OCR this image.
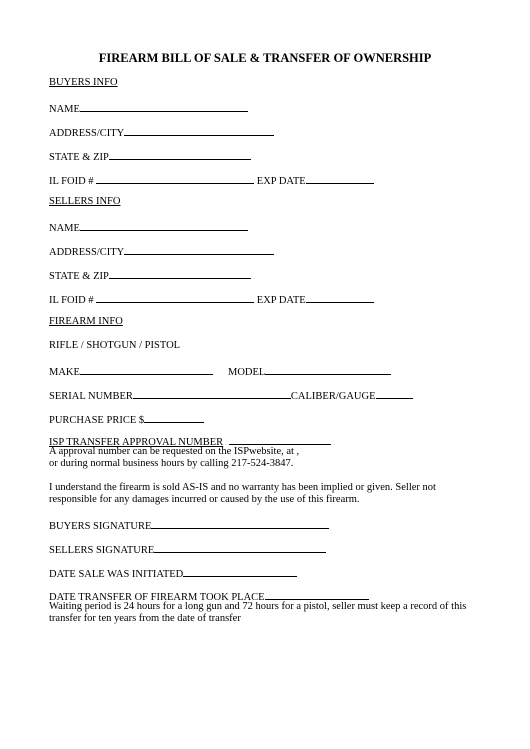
FIREARM BILL OF SALE & TRANSFER OF OWNERSHIP
BUYERS INFO
NAME
ADDRESS/CITY
STATE & ZIP
IL FOID #	EXP DATE
SELLERS INFO
NAME
ADDRESS/CITY
STATE & ZIP
IL FOID #	EXP DATE
FIREARM INFO
RIFLE / SHOTGUN / PISTOL
MAKE	MODEL
SERIAL NUMBER	CALIBER/GAUGE
PURCHASE PRICE $
ISP TRANSFER APPROVAL NUMBER
A approval number can be requested on the ISPwebsite, at ,
or during normal business hours by calling 217-524-3847.
I understand the firearm is sold AS-IS and no warranty has been implied or given. Seller not
responsible for any damages incurred or caused by the use of this firearm.
BUYERS SIGNATURE
SELLERS SIGNATURE
DATE SALE WAS INITIATED
DATE TRANSFER OF FIREARM TOOK PLACE
Waiting period is 24 hours for a long gun and 72 hours for a pistol, seller must keep a record of this
transfer for ten years from the date of transfer
